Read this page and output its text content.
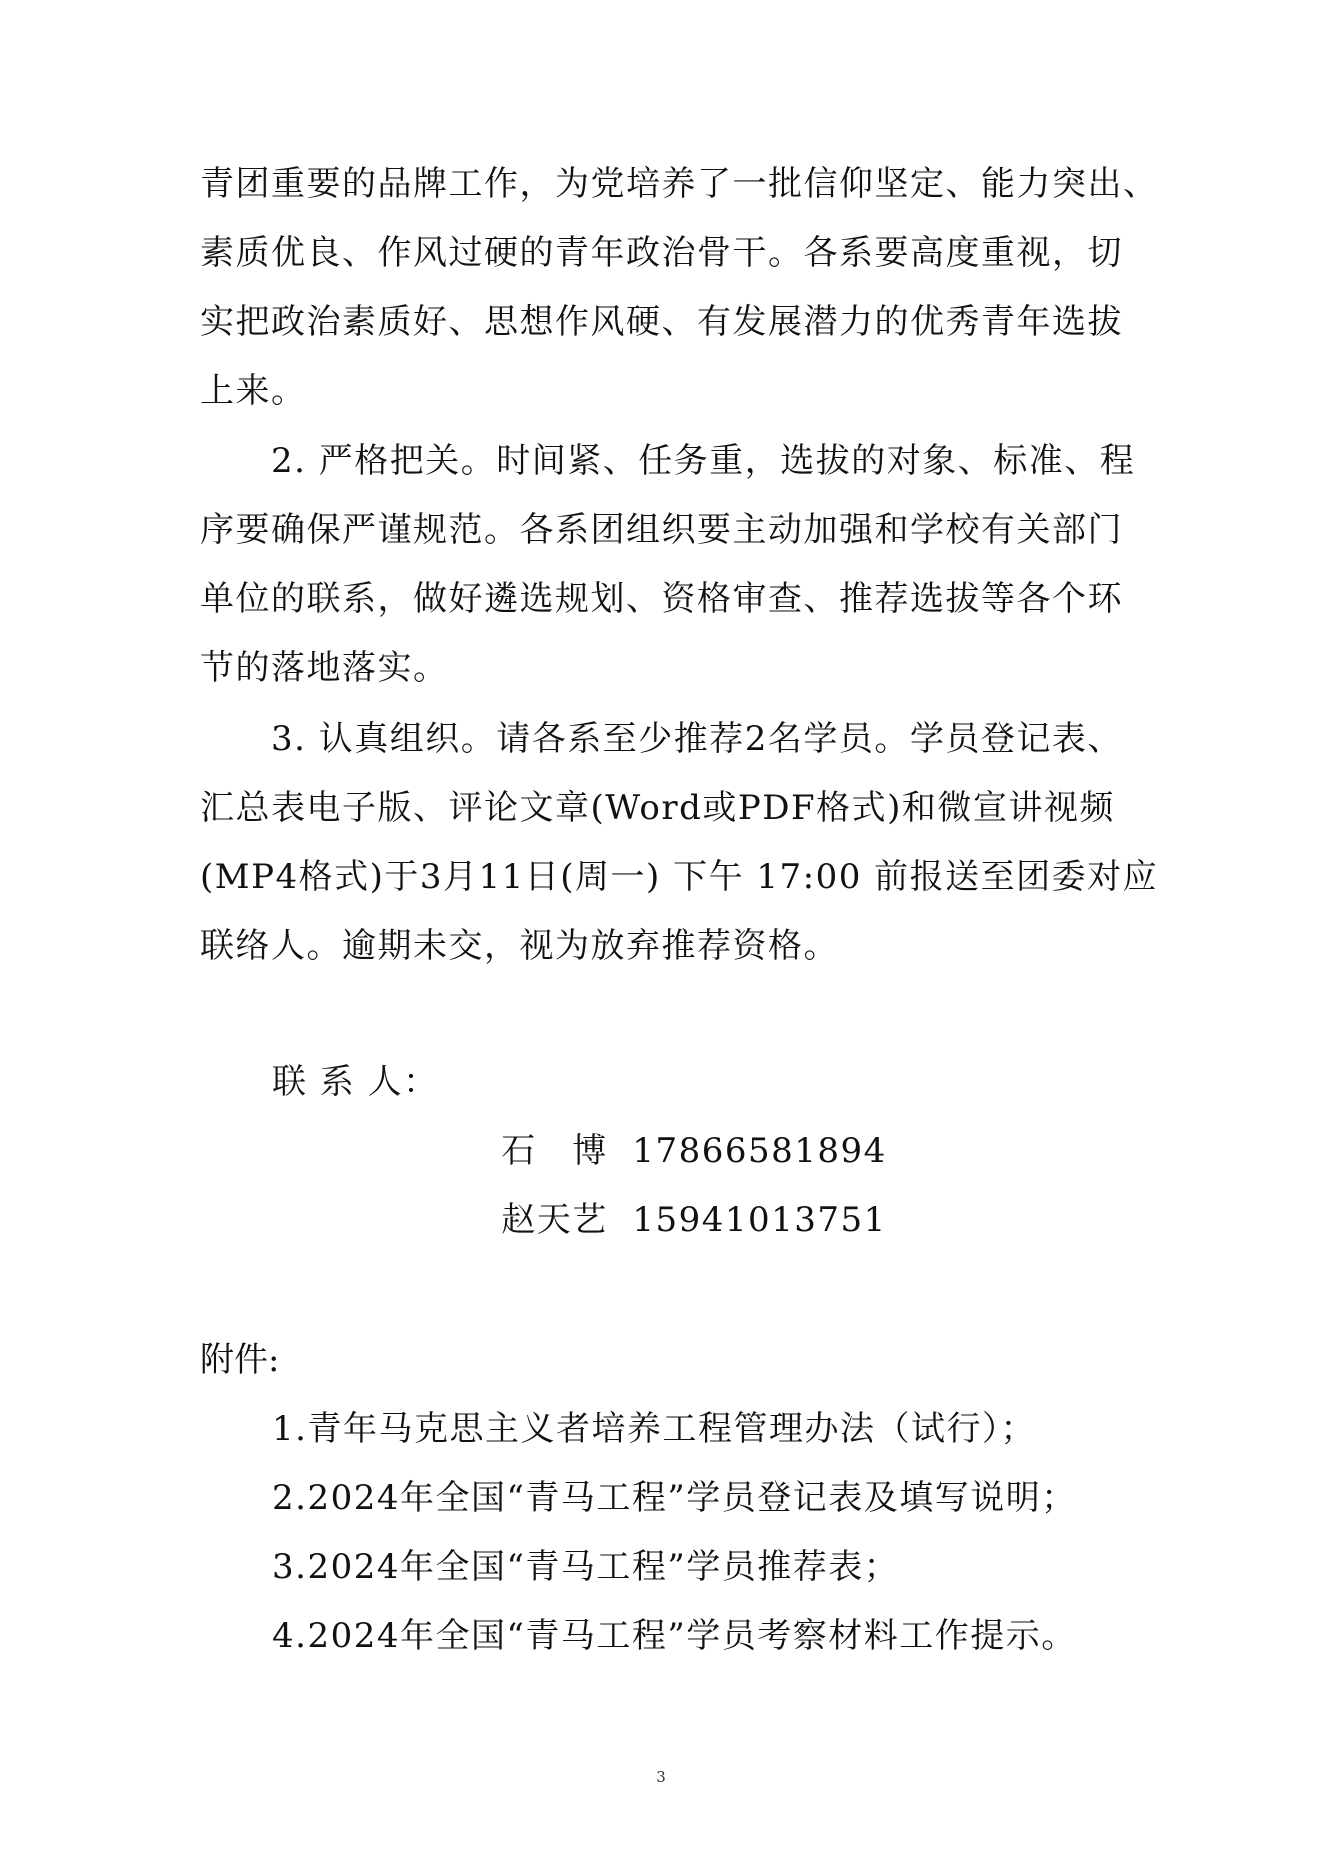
青团重要的品牌工作，为党培养了一批信仰坚定、能力突出、
素质优良、作风过硬的青年政治骨干。各系要高度重视，切
实把政治素质好、思想作风硬、有发展潜力的优秀青年选拔
上来。
　　2. 严格把关。时间紧、任务重，选拔的对象、标准、程
序要确保严谨规范。各系团组织要主动加强和学校有关部门
单位的联系，做好遴选规划、资格审查、推荐选拔等各个环
节的落地落实。
　　3. 认真组织。请各系至少推荐2名学员。学员登记表、
汇总表电子版、评论文章(Word或PDF格式)和微宣讲视频
(MP4格式)于3月11日(周一) 下午 17:00 前报送至团委对应
联络人。逾期未交，视为放弃推荐资格。
联 系 人：

石　博 17866581894

赵天艺 15941013751

附件:
1.青年马克思主义者培养工程管理办法（试行）；
2.2024年全国“青马工程”学员登记表及填写说明；
3.2024年全国“青马工程”学员推荐表；
4.2024年全国“青马工程”学员考察材料工作提示。
3
